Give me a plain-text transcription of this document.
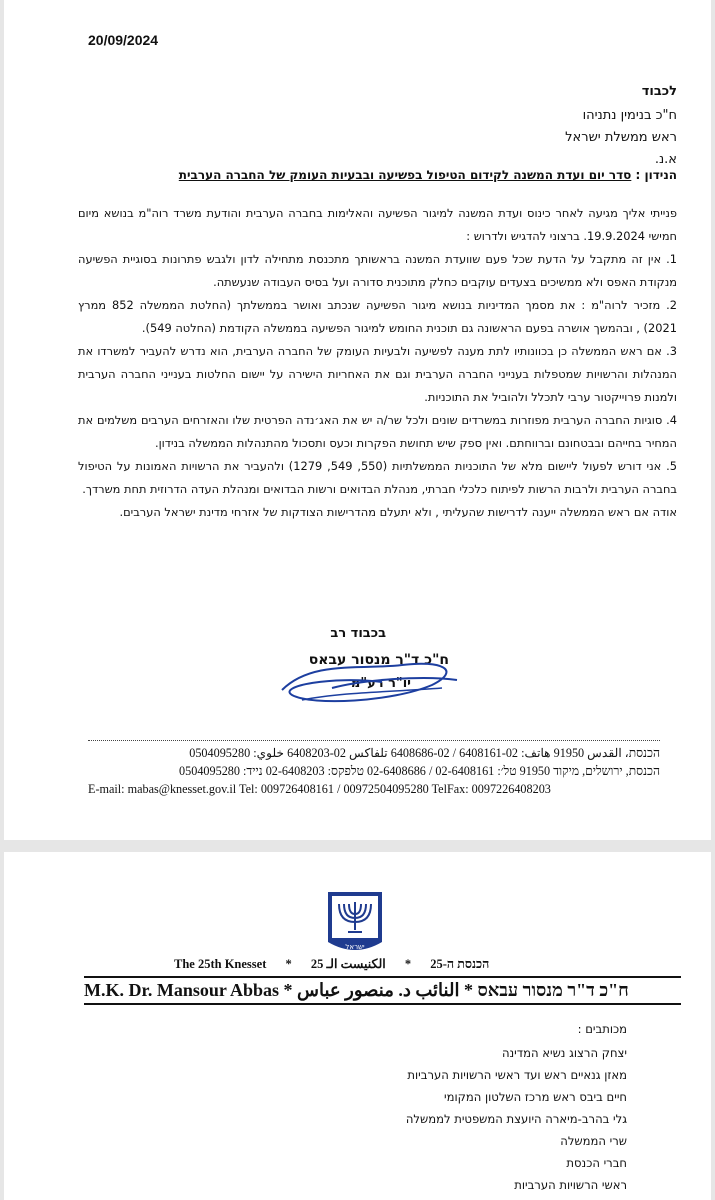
20/09/2024
לכבוד
ח"כ בנימין נתניהו
ראש ממשלת ישראל
א.נ.
הנידון : סדר יום ועדת המשנה לקידום הטיפול בפשיעה ובבעיות העומק של החברה הערבית

פנייתי אליך מגיעה לאחר כינוס ועדת המשנה למיגור הפשיעה והאלימות בחברה הערבית והודעת משרד רוה"מ בנושא מיום חמישי 19.9.2024. ברצוני להדגיש ולדרוש :

1. אין זה מתקבל על הדעת שכל פעם שוועדת המשנה בראשותך מתכנסת מתחילה לדון ולגבש פתרונות בסוגיית הפשיעה מנקודת האפס ולא ממשיכים בצעדים עוקבים כחלק מתוכנית סדורה ועל בסיס העבודה שנעשתה.

2. מזכיר לרוה"מ : את מסמך המדיניות בנושא מיגור הפשיעה שנכתב ואושר בממשלתך (החלטת הממשלה 852 ממרץ 2021) , ובהמשך אושרה בפעם הראשונה גם תוכנית החומש למיגור הפשיעה בממשלה הקודמת (החלטה 549).

3. אם ראש הממשלה כן בכוונותיו לתת מענה לפשיעה ולבעיות העומק של החברה הערבית, הוא נדרש להעביר למשרדו את המנהלות והרשויות שמטפלות בענייני החברה הערבית וגם את האחריות הישירה על יישום החלטות בענייני החברה הערבית ולמנות פרוייקטור ערבי לתכלל ולהוביל את התוכניות.

4. סוגיות החברה הערבית מפוזרות במשרדים שונים ולכל שר/ה יש את האג׳נדה הפרטית שלו והאזרחים הערבים משלמים את המחיר בחייהם ובבטחונם וברווחתם. ואין ספק שיש תחושת הפקרות וכעס ותסכול מהתנהלות הממשלה בנידון.

5. אני דורש לפעול ליישום מלא של התוכניות הממשלתיות (550, 549, 1279) ולהעביר את הרשויות האמונות על הטיפול בחברה הערבית ולרבות הרשות לפיתוח כלכלי חברתי, מנהלת הבדואים ורשות הבדואים ומנהלת העדה הדרוזית תחת משרדך.

אודה אם ראש הממשלה ייענה לדרישות שהעליתי , ולא יתעלם מהדרישות הצודקות של אזרחי מדינת ישראל הערבים.

בכבוד רב
ח"כ ד"ר מנסור עבאס
יו"ר רע"מ
הכנסת، القدس 91950 هاتف: 02-6408161 / 02-6408686 تلفاكس 02-6408203 خلوي: 0504095280
הכנסת, ירושלים, מיקוד 91950 טל׳: 02-6408161 / 02-6408686 טלפקס: 02-6408203 נייד: 0504095280
E-mail: mabas@knesset.gov.il Tel: 009726408161 / 00972504095280 TelFax: 0097226408203
ישראל
The 25th Knesset *	הכנסת ה-25 * الكنيست الـ 25
M.K. Dr. Mansour Abbas *	ח"כ ד"ר מנסור עבאס * النائب د. منصور عباس
מכותבים :
יצחק הרצוג נשיא המדינה
מאזן גנאיים ראש ועד ראשי הרשויות הערביות
חיים ביבס ראש מרכז השלטון המקומי
גלי בהרב-מיארה היועצת המשפטית לממשלה
שרי הממשלה
חברי הכנסת
ראשי הרשויות הערביות
